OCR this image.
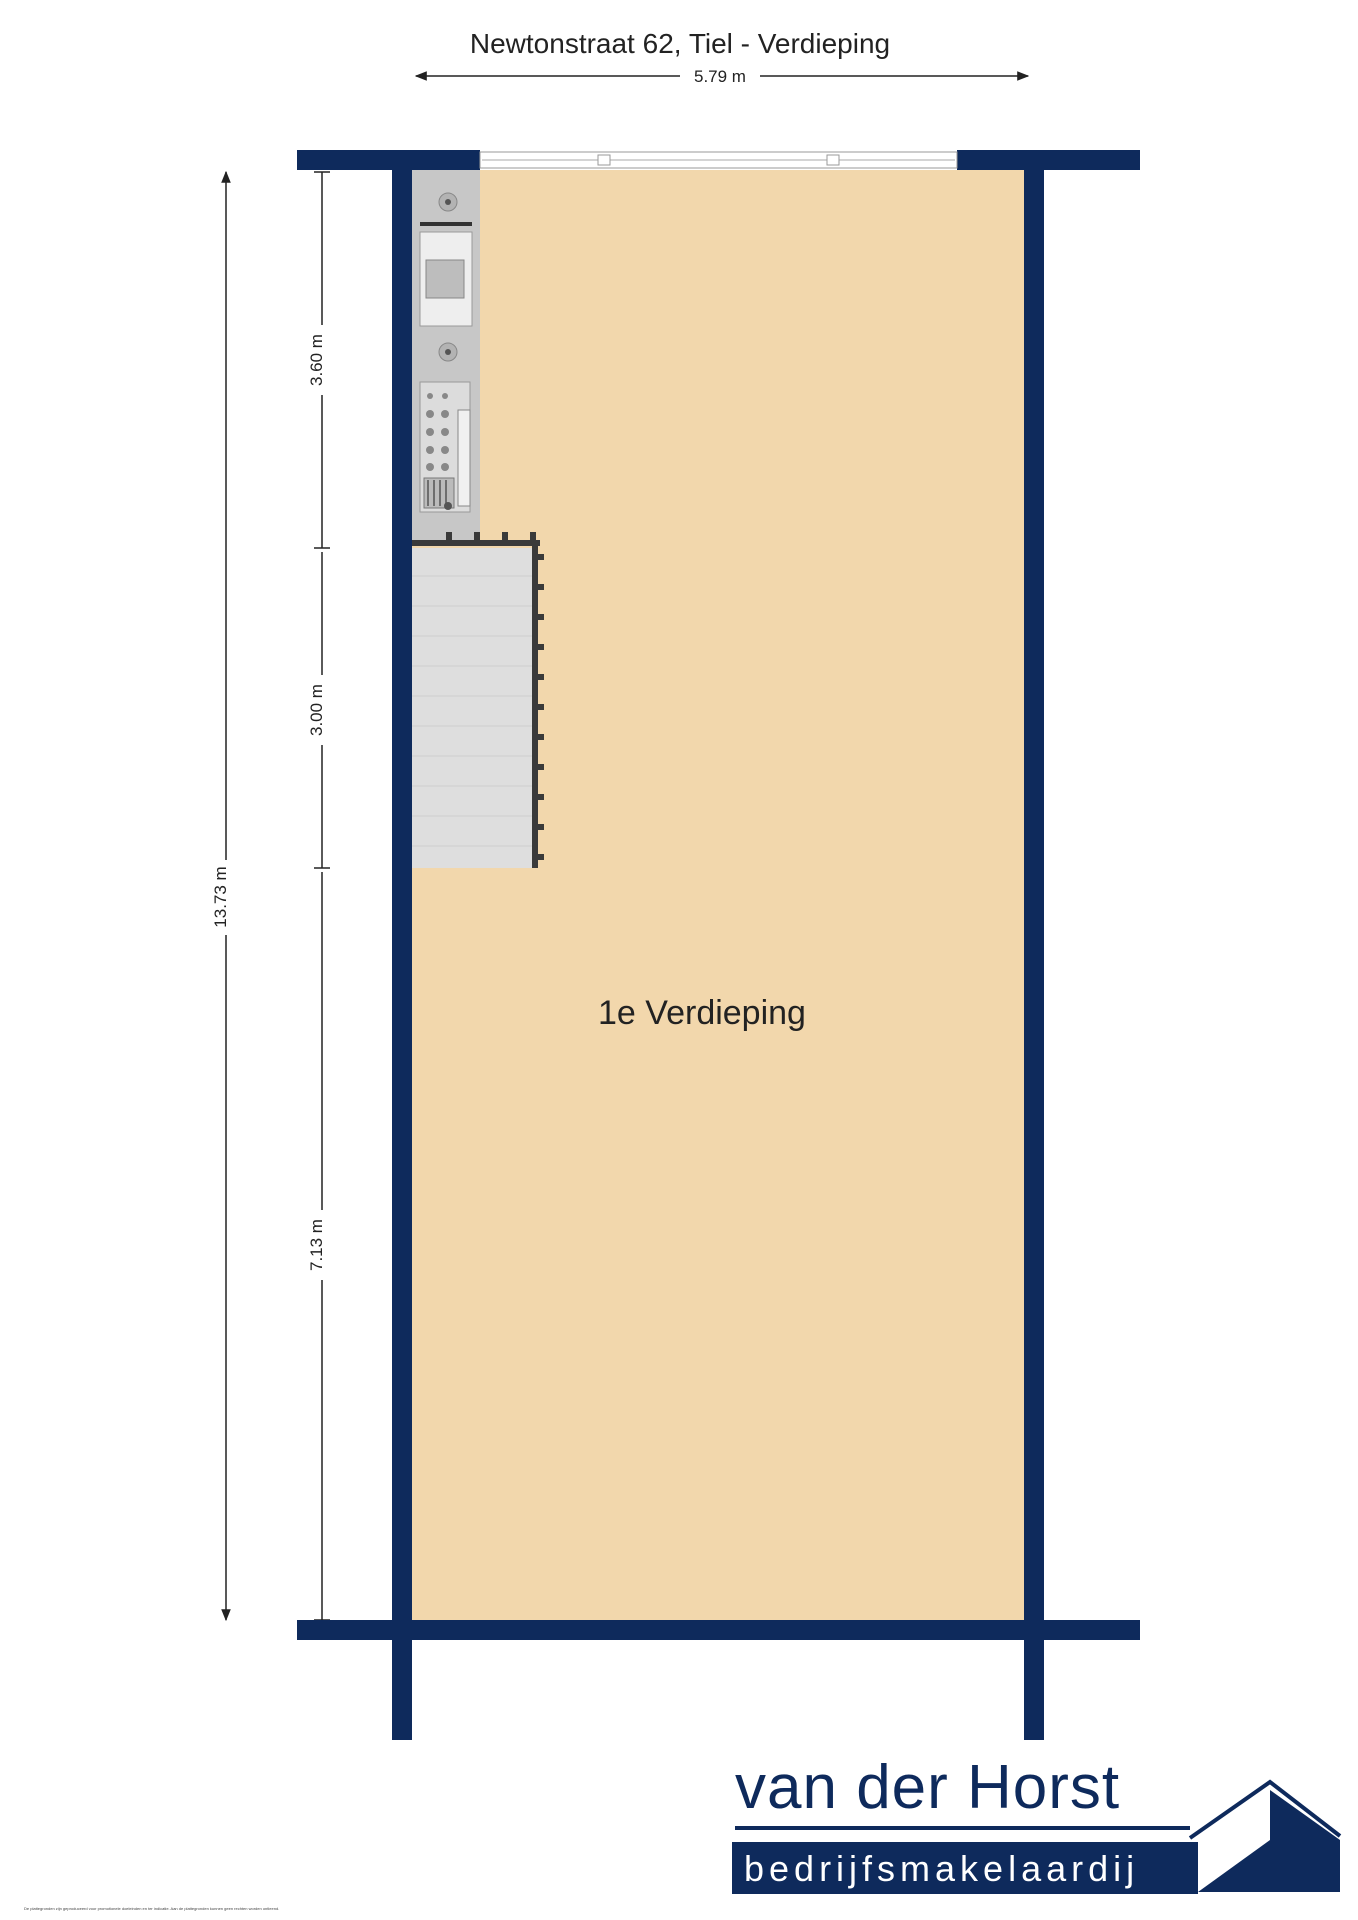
Newtonstraat 62, Tiel - Verdieping
5.79 m
13.73 m
3.60 m
3.00 m
7.13 m
1e Verdieping
van der Horst
bedrijfsmakelaardij
De plattegronden zijn geproduceerd voor promotionele doeleinden en ter indicatie. Aan de plattegronden kunnen geen rechten worden ontleend.
